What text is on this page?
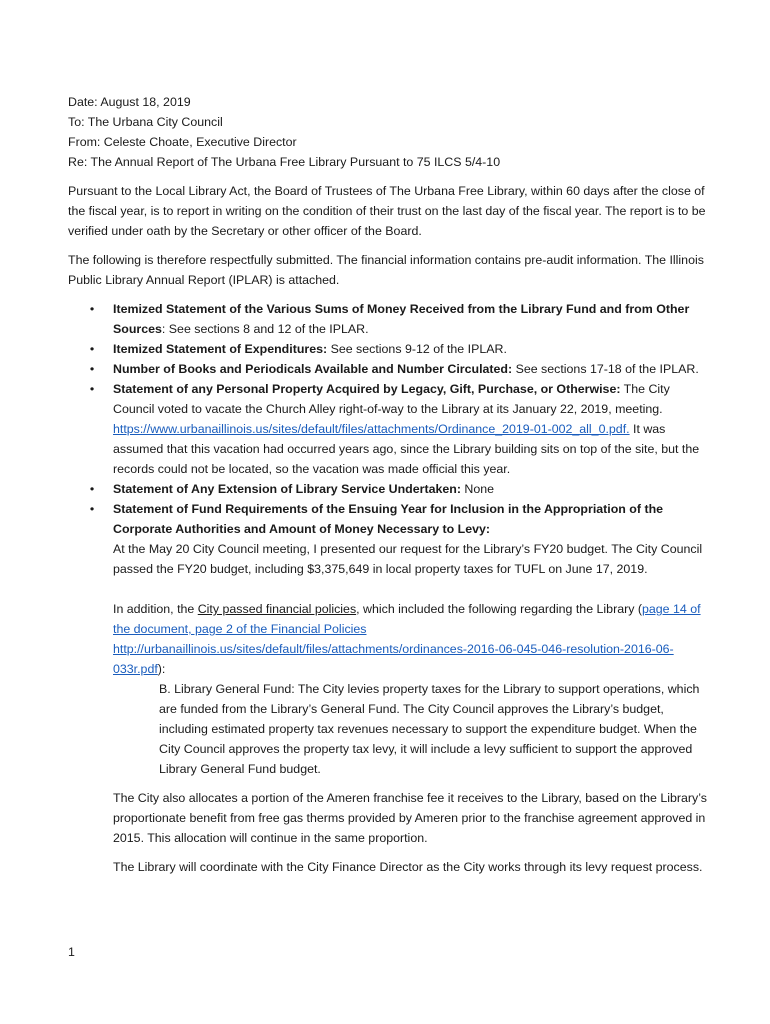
Date: August 18, 2019

To: The Urbana City Council

From: Celeste Choate, Executive Director

Re: The Annual Report of The Urbana Free Library Pursuant to 75 ILCS 5/4-10

Pursuant to the Local Library Act, the Board of Trustees of The Urbana Free Library, within 60 days after the close of the fiscal year, is to report in writing on the condition of their trust on the last day of the fiscal year. The report is to be verified under oath by the Secretary or other officer of the Board.

The following is therefore respectfully submitted. The financial information contains pre-audit information. The Illinois Public Library Annual Report (IPLAR) is attached.

• Itemized Statement of the Various Sums of Money Received from the Library Fund and from Other Sources: See sections 8 and 12 of the IPLAR.
• Itemized Statement of Expenditures: See sections 9-12 of the IPLAR.
• Number of Books and Periodicals Available and Number Circulated: See sections 17-18 of the IPLAR.
• Statement of any Personal Property Acquired by Legacy, Gift, Purchase, or Otherwise: The City Council voted to vacate the Church Alley right-of-way to the Library at its January 22, 2019, meeting. https://www.urbanaillinois.us/sites/default/files/attachments/Ordinance_2019-01-002_all_0.pdf. It was assumed that this vacation had occurred years ago, since the Library building sits on top of the site, but the records could not be located, so the vacation was made official this year.
• Statement of Any Extension of Library Service Undertaken: None
• Statement of Fund Requirements of the Ensuing Year for Inclusion in the Appropriation of the Corporate Authorities and Amount of Money Necessary to Levy:
At the May 20 City Council meeting, I presented our request for the Library’s FY20 budget. The City Council passed the FY20 budget, including $3,375,649 in local property taxes for TUFL on June 17, 2019.

In addition, the City passed financial policies, which included the following regarding the Library (page 14 of the document, page 2 of the Financial Policies
http://urbanaillinois.us/sites/default/files/attachments/ordinances-2016-06-045-046-resolution-2016-06-033r.pdf):

B. Library General Fund: The City levies property taxes for the Library to support operations, which are funded from the Library’s General Fund. The City Council approves the Library’s budget, including estimated property tax revenues necessary to support the expenditure budget. When the City Council approves the property tax levy, it will include a levy sufficient to support the approved Library General Fund budget.

The City also allocates a portion of the Ameren franchise fee it receives to the Library, based on the Library’s proportionate benefit from free gas therms provided by Ameren prior to the franchise agreement approved in 2015. This allocation will continue in the same proportion.

The Library will coordinate with the City Finance Director as the City works through its levy request process.

1
